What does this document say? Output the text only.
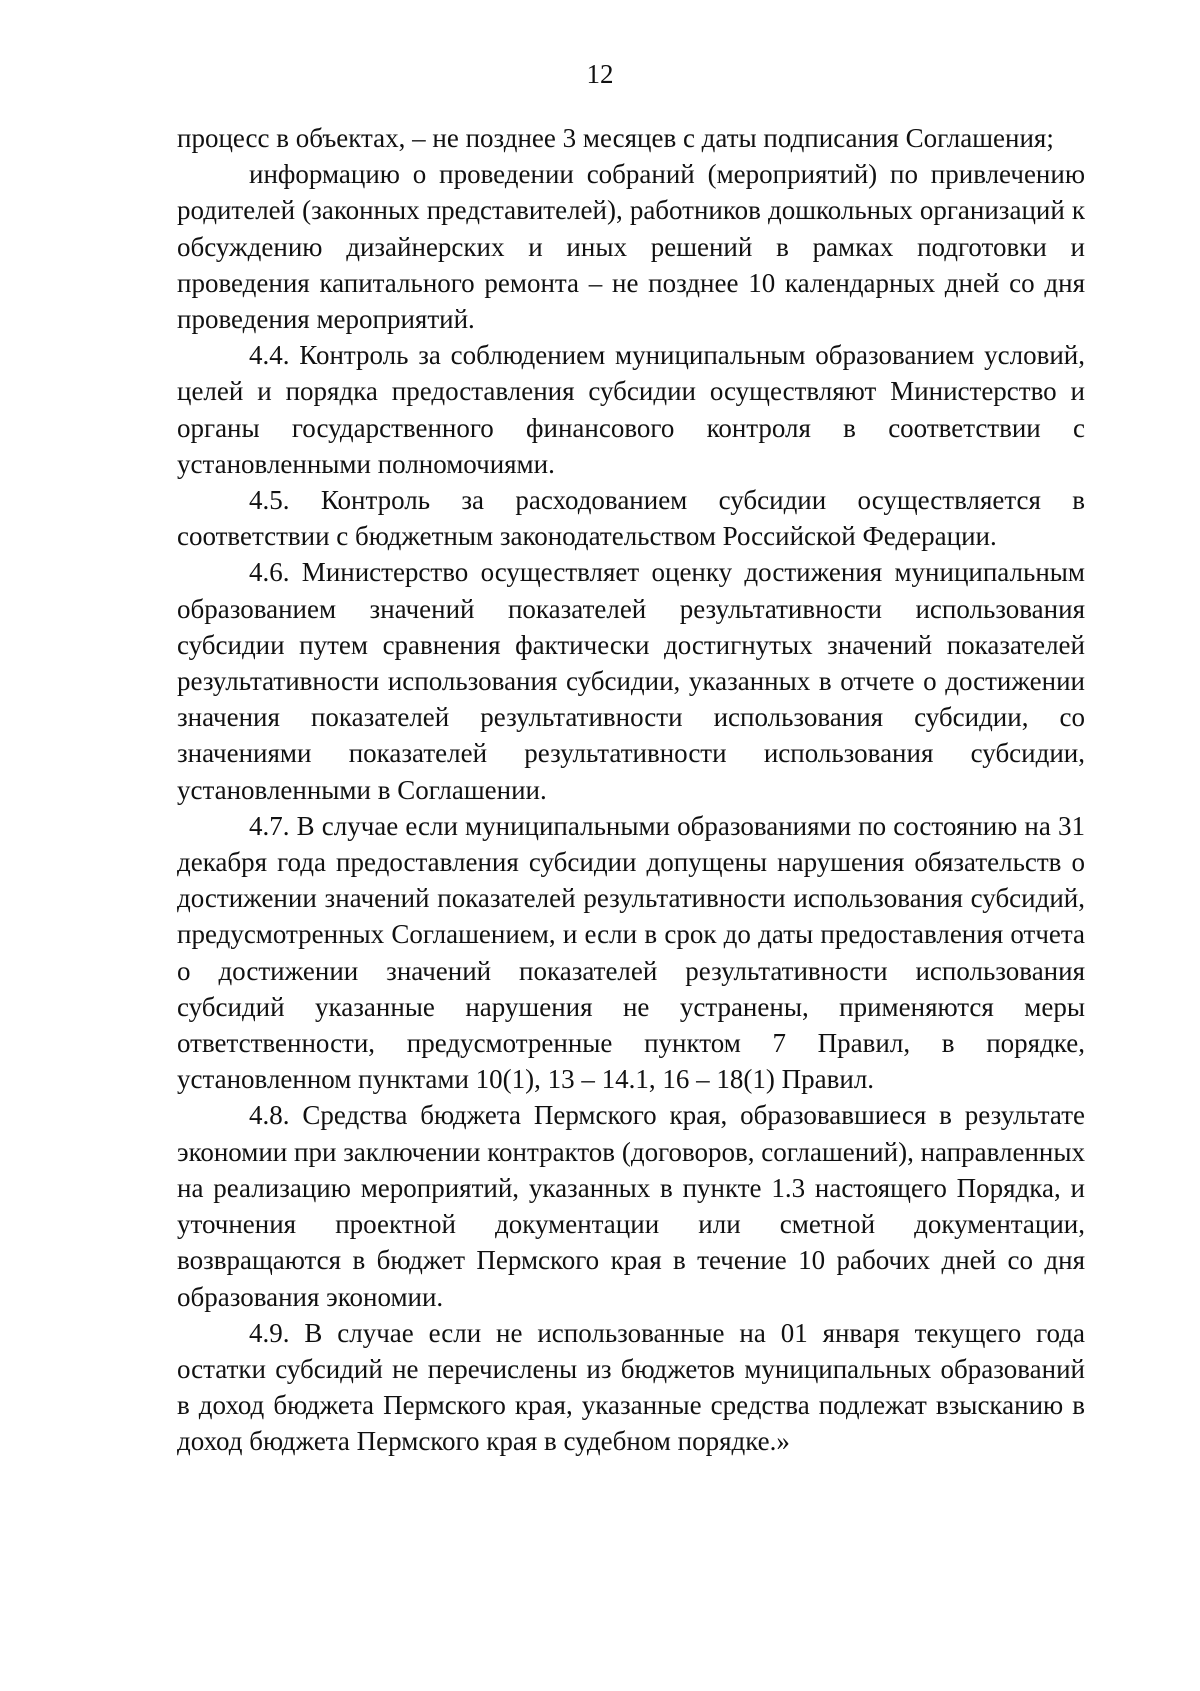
12

процесс в объектах, – не позднее 3 месяцев с даты подписания Соглашения;

информацию о проведении собраний (мероприятий) по привлечению родителей (законных представителей), работников дошкольных организаций к обсуждению дизайнерских и иных решений в рамках подготовки и проведения капитального ремонта – не позднее 10 календарных дней со дня проведения мероприятий.

4.4. Контроль за соблюдением муниципальным образованием условий, целей и порядка предоставления субсидии осуществляют Министерство и органы государственного финансового контроля в соответствии с установленными полномочиями.

4.5. Контроль за расходованием субсидии осуществляется в соответствии с бюджетным законодательством Российской Федерации.

4.6. Министерство осуществляет оценку достижения муниципальным образованием значений показателей результативности использования субсидии путем сравнения фактически достигнутых значений показателей результативности использования субсидии, указанных в отчете о достижении значения показателей результативности использования субсидии, со значениями показателей результативности использования субсидии, установленными в Соглашении.

4.7. В случае если муниципальными образованиями по состоянию на 31 декабря года предоставления субсидии допущены нарушения обязательств о достижении значений показателей результативности использования субсидий, предусмотренных Соглашением, и если в срок до даты предоставления отчета о достижении значений показателей результативности использования субсидий указанные нарушения не устранены, применяются меры ответственности, предусмотренные пунктом 7 Правил, в порядке, установленном пунктами 10(1), 13 – 14.1, 16 – 18(1) Правил.

4.8. Средства бюджета Пермского края, образовавшиеся в результате экономии при заключении контрактов (договоров, соглашений), направленных на реализацию мероприятий, указанных в пункте 1.3 настоящего Порядка, и уточнения проектной документации или сметной документации, возвращаются в бюджет Пермского края в течение 10 рабочих дней со дня образования экономии.

4.9. В случае если не использованные на 01 января текущего года остатки субсидий не перечислены из бюджетов муниципальных образований в доход бюджета Пермского края, указанные средства подлежат взысканию в доход бюджета Пермского края в судебном порядке.»
